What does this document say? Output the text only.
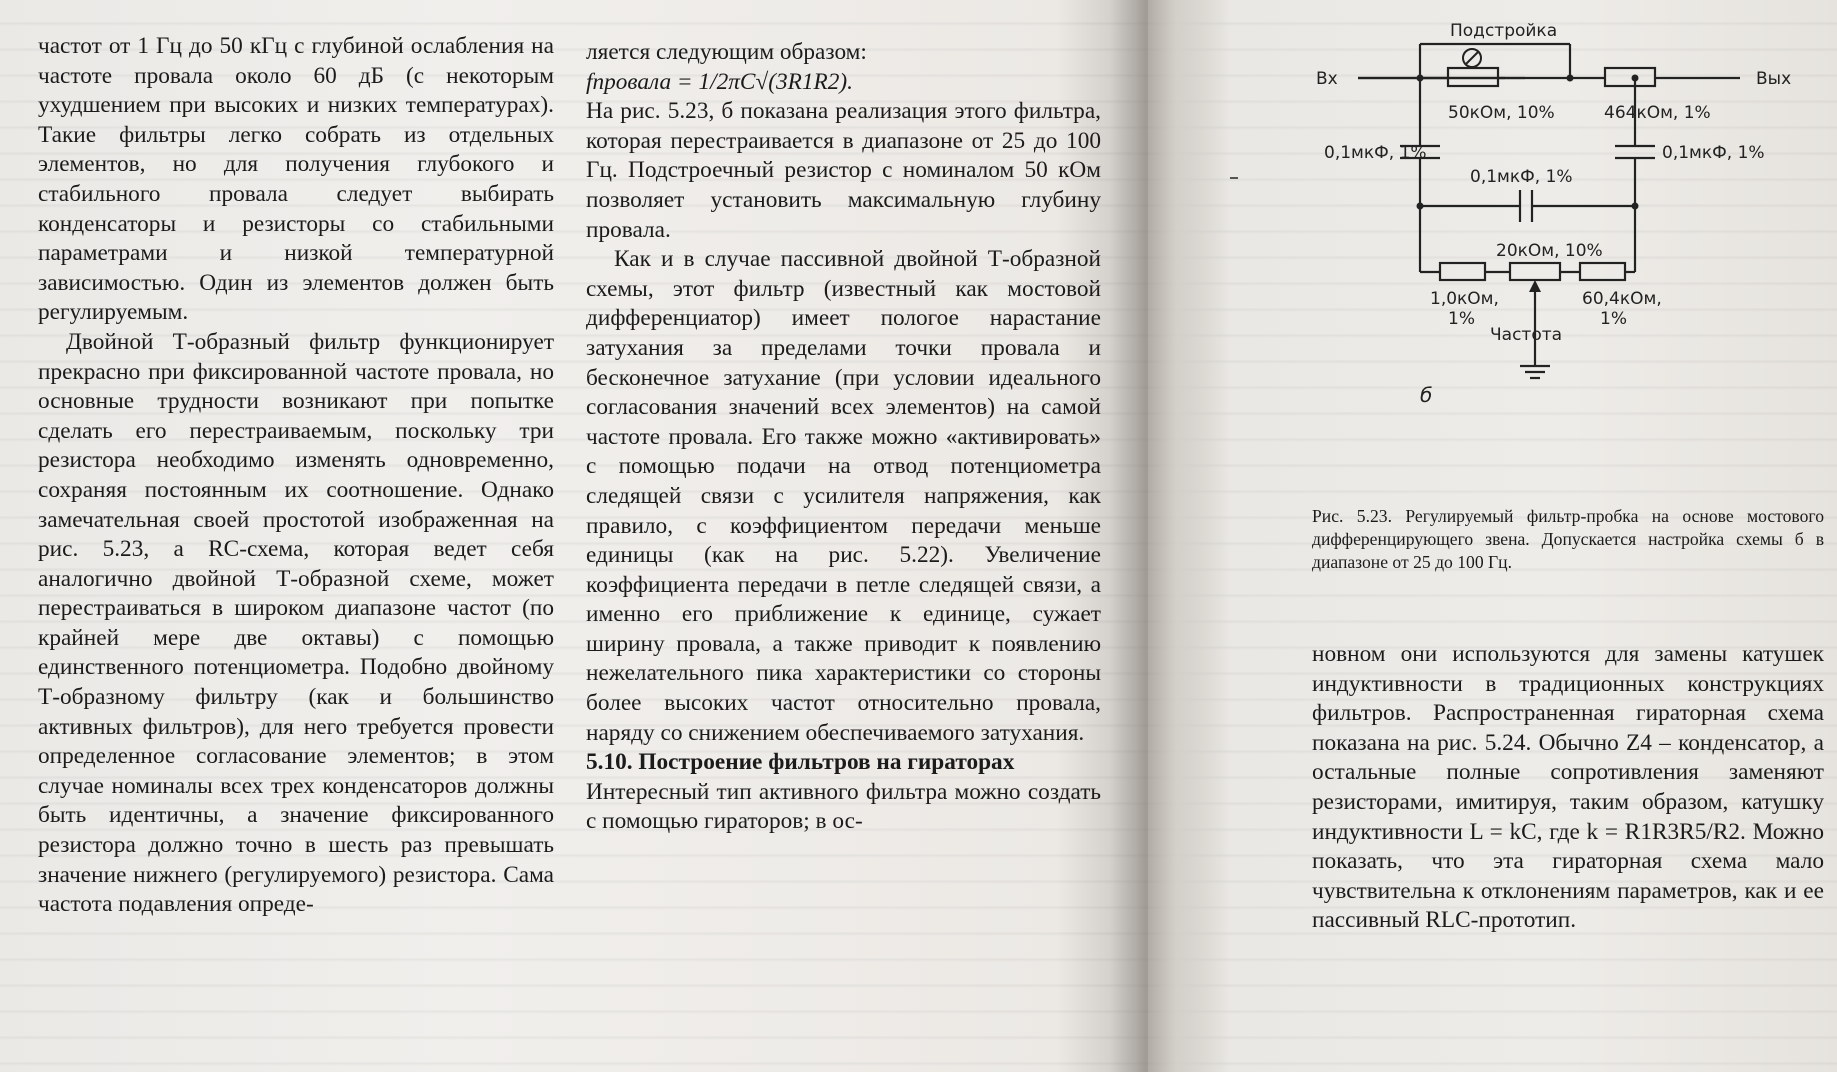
частот от 1 Гц до 50 кГц с глубиной ослабления на частоте провала около 60 дБ (с некоторым ухудшением при высоких и низких температурах). Такие фильтры легко собрать из отдельных элементов, но для получения глубокого и стабильного провала следует выбирать конденсаторы и резисторы со стабильными параметрами и низкой температурной зависимостью. Один из элементов должен быть регулируемым.

Двойной Т-образный фильтр функционирует прекрасно при фиксированной частоте провала, но основные трудности возникают при попытке сделать его перестраиваемым, поскольку три резистора необходимо изменять одновременно, сохраняя постоянным их соотношение. Однако замечательная своей простотой изображенная на рис. 5.23, а RC-схема, которая ведет себя аналогично двойной Т-образной схеме, может перестраиваться в широком диапазоне частот (по крайней мере две октавы) с помощью единственного потенциометра. Подобно двойному Т-образному фильтру (как и большинство активных фильтров), для него требуется провести определенное согласование элементов; в этом случае номиналы всех трех конденсаторов должны быть идентичны, а значение фиксированного резистора должно точно в шесть раз превышать значение нижнего (регулируемого) резистора. Сама частота подавления опреде-

ляется следующим образом:

fпровала = 1/2πC√(3R1R2).

На рис. 5.23, б показана реализация этого фильтра, которая перестраивается в диапазоне от 25 до 100 Гц. Подстроечный резистор с номиналом 50 кОм позволяет установить максимальную глубину провала.

Как и в случае пассивной двойной Т-образной схемы, этот фильтр (известный как мостовой дифференциатор) имеет пологое нарастание затухания за пределами точки провала и бесконечное затухание (при условии идеального согласования значений всех элементов) на самой частоте провала. Его также можно «активировать» с помощью подачи на отвод потенциометра следящей связи с усилителя напряжения, как правило, с коэффициентом передачи меньше единицы (как на рис. 5.22). Увеличение коэффициента передачи в петле следящей связи, а именно его приближение к единице, сужает ширину провала, а также приводит к появлению нежелательного пика характеристики со стороны более высоких частот относительно провала, наряду со снижением обеспечиваемого затухания.

5.10. Построение фильтров на гираторах

Интересный тип активного фильтра можно создать с помощью гираторов; в ос-

Подстройка
Вх	Вых
50кОм, 10%	464кОм, 1%
0,1мкФ, 1%	0,1мкФ, 1%
0,1мкФ, 1%
20кОм, 10%
1,0кОм,
1%
60,4кОм,
1%
Частота
б
Рис. 5.23. Регулируемый фильтр-пробка на основе мостового дифференцирующего звена. Допускается настройка схемы б в диапазоне от 25 до 100 Гц.

новном они используются для замены катушек индуктивности в традиционных конструкциях фильтров. Распространенная гираторная схема показана на рис. 5.24. Обычно Z4 – конденсатор, а остальные полные сопротивления заменяют резисторами, имитируя, таким образом, катушку индуктивности L = kC, где k = R1R3R5/R2. Можно показать, что эта гираторная схема мало чувствительна к отклонениям параметров, как и ее пассивный RLC-прототип.
